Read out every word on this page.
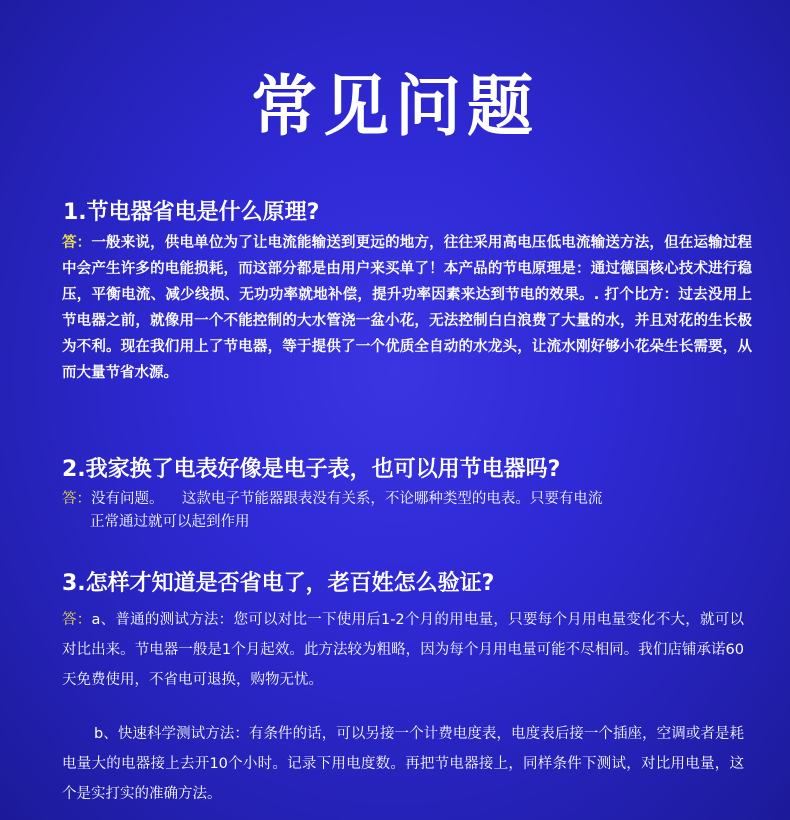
常见问题

1.节电器省电是什么原理?

答：一般来说，供电单位为了让电流能输送到更远的地方，往往采用高电压低电流输送方法，但在运输过程中会产生许多的电能损耗，而这部分都是由用户来买单了！本产品的节电原理是：通过德国核心技术进行稳压，平衡电流、减少线损、无功功率就地补偿，提升功率因素来达到节电的效果。. 打个比方：过去没用上节电器之前，就像用一个不能控制的大水管浇一盆小花，无法控制白白浪费了大量的水，并且对花的生长极为不利。现在我们用上了节电器，等于提供了一个优质全自动的水龙头，让流水刚好够小花朵生长需要，从而大量节省水源。

2.我家换了电表好像是电子表，也可以用节电器吗?

答：没有问题。    这款电子节能器跟表没有关系，不论哪种类型的电表。只要有电流

正常通过就可以起到作用

3.怎样才知道是否省电了，老百姓怎么验证?

答：a、普通的测试方法：您可以对比一下使用后1-2个月的用电量，只要每个月用电量变化不大，就可以对比出来。节电器一般是1个月起效。此方法较为粗略，因为每个月用电量可能不尽相同。我们店铺承诺60天免费使用，不省电可退换，购物无忧。

b、快速科学测试方法：有条件的话，可以另接一个计费电度表，电度表后接一个插座，空调或者是耗电量大的电器接上去开10个小时。记录下用电度数。再把节电器接上，同样条件下测试，对比用电量，这个是实打实的准确方法。
